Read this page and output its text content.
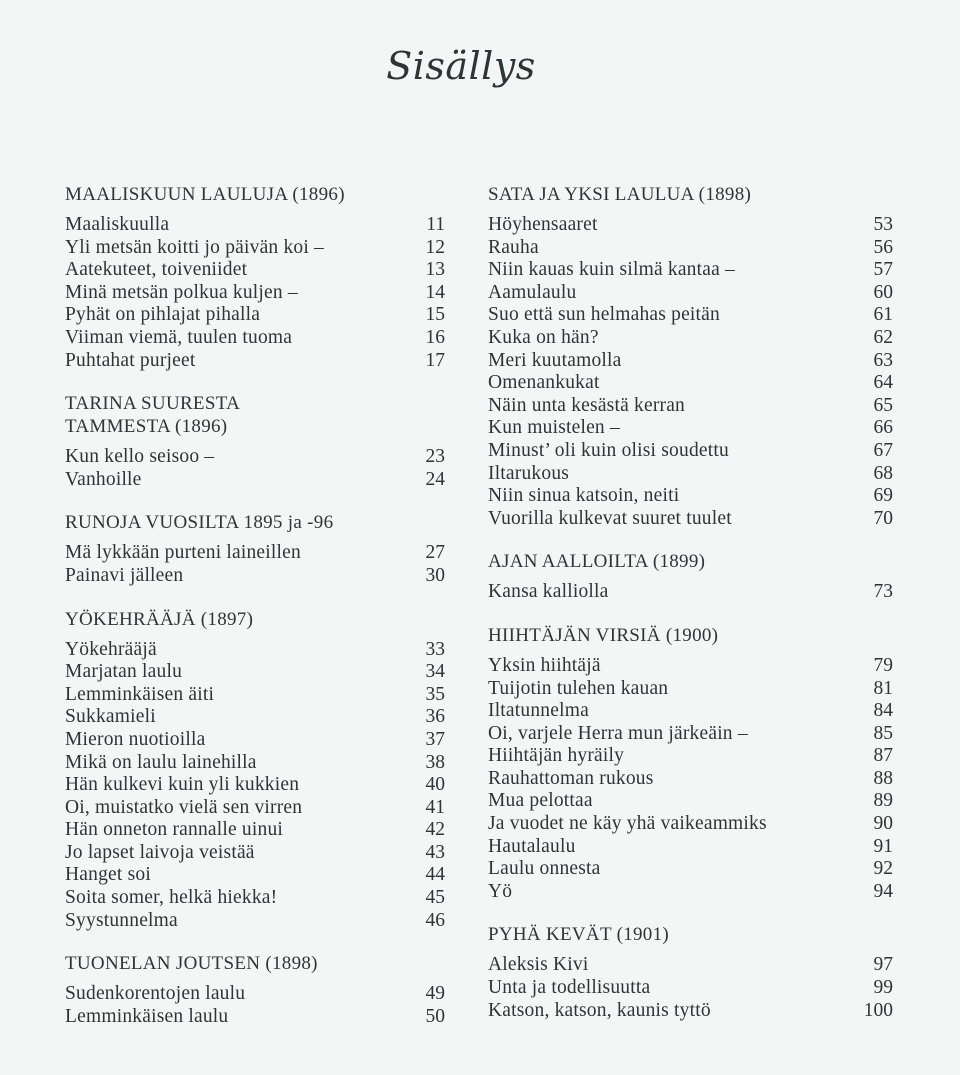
Sisällys
MAALISKUUN LAULUJA (1896)
Maaliskuulla	11
Yli metsän koitti jo päivän koi –	12
Aatekuteet, toiveniidet	13
Minä metsän polkua kuljen –	14
Pyhät on pihlajat pihalla	15
Viiman viemä, tuulen tuoma	16
Puhtahat purjeet	17
TARINA SUURESTA TAMMESTA (1896)
Kun kello seisoo –	23
Vanhoille	24
RUNOJA VUOSILTA 1895 ja -96
Mä lykkään purteni laineillen	27
Painavi jälleen	30
YÖKEHRÄÄJÄ (1897)
Yökehrääjä	33
Marjatan laulu	34
Lemminkäisen äiti	35
Sukkamieli	36
Mieron nuotioilla	37
Mikä on laulu lainehilla	38
Hän kulkevi kuin yli kukkien	40
Oi, muistatko vielä sen virren	41
Hän onneton rannalle uinui	42
Jo lapset laivoja veistää	43
Hanget soi	44
Soita somer, helkä hiekka!	45
Syystunnelma	46
TUONELAN JOUTSEN (1898)
Sudenkorentojen laulu	49
Lemminkäisen laulu	50
SATA JA YKSI LAULUA (1898)
Höyhensaaret	53
Rauha	56
Niin kauas kuin silmä kantaa –	57
Aamulaulu	60
Suo että sun helmahas peitän	61
Kuka on hän?	62
Meri kuutamolla	63
Omenankukat	64
Näin unta kesästä kerran	65
Kun muistelen –	66
Minust’ oli kuin olisi soudettu	67
Iltarukous	68
Niin sinua katsoin, neiti	69
Vuorilla kulkevat suuret tuulet	70
AJAN AALLOILTA (1899)
Kansa kalliolla	73
HIIHTÄJÄN VIRSIÄ (1900)
Yksin hiihtäjä	79
Tuijotin tulehen kauan	81
Iltatunnelma	84
Oi, varjele Herra mun järkeäin –	85
Hiihtäjän hyräily	87
Rauhattoman rukous	88
Mua pelottaa	89
Ja vuodet ne käy yhä vaikeammiks	90
Hautalaulu	91
Laulu onnesta	92
Yö	94
PYHÄ KEVÄT (1901)
Aleksis Kivi	97
Unta ja todellisuutta	99
Katson, katson, kaunis tyttö	100
